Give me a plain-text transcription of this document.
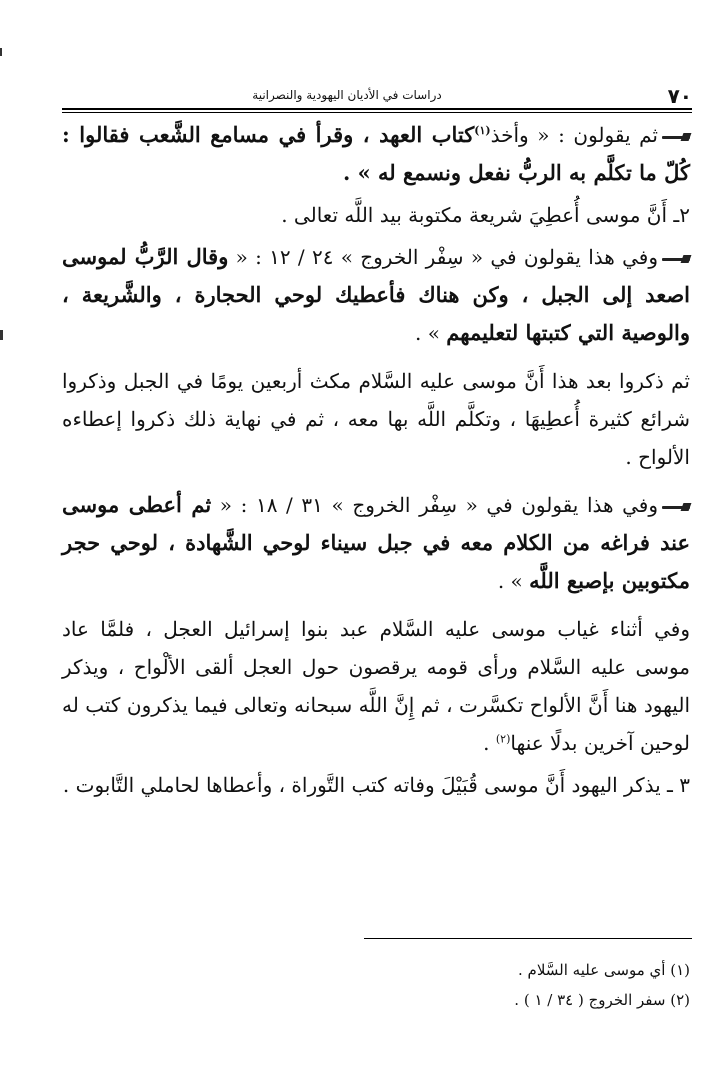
٧٠
دراسات في الأديان اليهودية والنصرانية

ثم يقولون : « وأخذ$^{(١)}$كتاب العهد ، وقرأ في مسامع الشَّعب فقالوا : كُلّ ما تكلَّم به الربُّ نفعل ونسمع له » .

٢ـ أَنَّ موسى أُعطِيَ شريعة مكتوبة بيد اللَّه تعالى .

وفي هذا يقولون في « سِفْر الخروج » ٢٤ / ١٢ : « وقال الرَّبُّ لموسى اصعد إلى الجبل ، وكن هناك فأعطيك لوحي الحجارة ، والشَّريعة ، والوصية التي كتبتها لتعليمهم » .

ثم ذكروا بعد هذا أَنَّ موسى عليه السَّلام مكث أربعين يومًا في الجبل وذكروا شرائع كثيرة أُعطِيهَا ، وتكلَّم اللَّه بها معه ، ثم في نهاية ذلك ذكروا إعطاءه الألواح .

وفي هذا يقولون في « سِفْر الخروج » ٣١ / ١٨ : « ثم أعطى موسى عند فراغه من الكلام معه في جبل سيناء لوحي الشَّهادة ، لوحي حجر مكتوبين بإصبع اللَّه » .

وفي أثناء غياب موسى عليه السَّلام عبد بنوا إسرائيل العجل ، فلمَّا عاد موسى عليه السَّلام ورأى قومه يرقصون حول العجل ألقى الألْواح ، ويذكر اليهود هنا أَنَّ الألواح تكسَّرت ، ثم إِنَّ اللَّه سبحانه وتعالى فيما يذكرون كتب له لوحين آخرين بدلًا عنها$^{(٢)}$ .

٣ ـ يذكر اليهود أَنَّ موسى قُبَيْلَ وفاته كتب التَّوراة ، وأعطاها لحاملي التَّابوت .

(١) أي موسى عليه السَّلام .

(٢) سفر الخروج ( ٣٤ / ١ ) .
